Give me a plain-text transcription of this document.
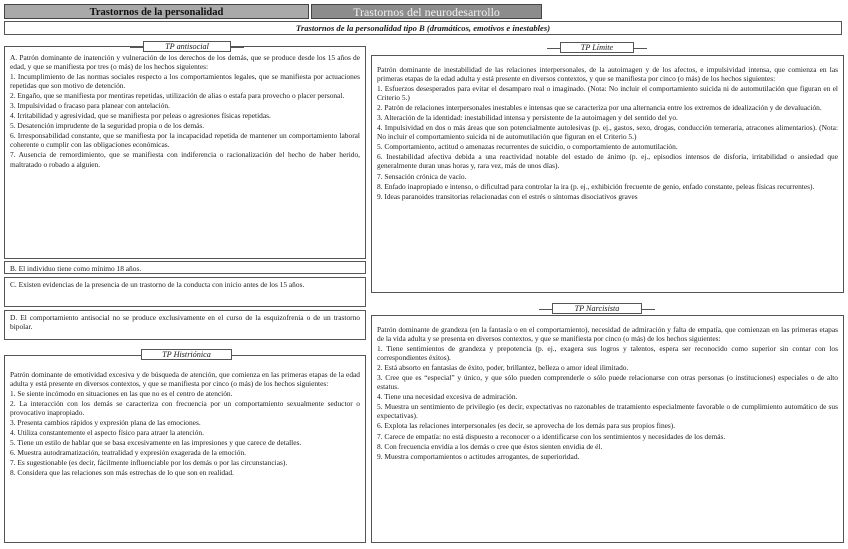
Trastornos de la personalidad	Trastornos del neurodesarrollo
Trastornos de la personalidad tipo B (dramáticos, emotivos e inestables)

A. Patrón dominante de inatención y vulneración de los derechos de los demás, que se produce desde los 15 años de edad, y que se manifiesta por tres (o más) de los hechos siguientes:

1. Incumplimiento de las normas sociales respecto a los comportamientos legales, que se manifiesta por actuaciones repetidas que son motivo de detención.
2. Engaño, que se manifiesta por mentiras repetidas, utilización de alias o estafa para provecho o placer personal.
3. Impulsividad o fracaso para planear con antelación.
4. Irritabilidad y agresividad, que se manifiesta por peleas o agresiones físicas repetidas.
5. Desatención imprudente de la seguridad propia o de los demás.
6. Irresponsabilidad constante, que se manifiesta por la incapacidad repetida de mantener un comportamiento laboral coherente o cumplir con las obligaciones económicas.
7. Ausencia de remordimiento, que se manifiesta con indiferencia o racionalización del hecho de haber herido, maltratado o robado a alguien.
TP antisocial
B. El individuo tiene como mínimo 18 años.
C. Existen evidencias de la presencia de un trastorno de la conducta con inicio antes de los 15 años.
D. El comportamiento antisocial no se produce exclusivamente en el curso de la esquizofrenia o de un trastorno bipolar.

Patrón dominante de emotividad excesiva y de búsqueda de atención, que comienza en las primeras etapas de la edad adulta y está presente en diversos contextos, y que se manifiesta por cinco (o más) de los hechos siguientes:

1. Se siente incómodo en situaciones en las que no es el centro de atención.
2. La interacción con los demás se caracteriza con frecuencia por un comportamiento sexualmente seductor o provocativo inapropiado.
3. Presenta cambios rápidos y expresión plana de las emociones.
4. Utiliza constantemente el aspecto físico para atraer la atención.
5. Tiene un estilo de hablar que se basa excesivamente en las impresiones y que carece de detalles.
6. Muestra autodramatización, teatralidad y expresión exagerada de la emoción.
7. Es sugestionable (es decir, fácilmente influenciable por los demás o por las circunstancias).
8. Considera que las relaciones son más estrechas de lo que son en realidad.
TP Histriónica

Patrón dominante de inestabilidad de las relaciones interpersonales, de la autoimagen y de los afectos, e impulsividad intensa, que comienza en las primeras etapas de la edad adulta y está presente en diversos contextos, y que se manifiesta por cinco (o más) de los hechos siguientes:

1. Esfuerzos desesperados para evitar el desamparo real o imaginado. (Nota: No incluir el comportamiento suicida ni de automutilación que figuran en el Criterio 5.)
2. Patrón de relaciones interpersonales inestables e intensas que se caracteriza por una alternancia entre los extremos de idealización y de devaluación.
3. Alteración de la identidad: inestabilidad intensa y persistente de la autoimagen y del sentido del yo.
4. Impulsividad en dos o más áreas que son potencialmente autolesivas (p. ej., gastos, sexo, drogas, conducción temeraria, atracones alimentarios). (Nota: No incluir el comportamiento suicida ni de automutilación que figuran en el Criterio 5.)
5. Comportamiento, actitud o amenazas recurrentes de suicidio, o comportamiento de automutilación.
6. Inestabilidad afectiva debida a una reactividad notable del estado de ánimo (p. ej., episodios intensos de disforia, irritabilidad o ansiedad que generalmente duran unas horas y, rara vez, más de unos días).
7. Sensación crónica de vacío.
8. Enfado inapropiado e intenso, o dificultad para controlar la ira (p. ej., exhibición frecuente de genio, enfado constante, peleas físicas recurrentes).
9. Ideas paranoides transitorias relacionadas con el estrés o síntomas disociativos graves
TP Límite

Patrón dominante de grandeza (en la fantasía o en el comportamiento), necesidad de admiración y falta de empatía, que comienzan en las primeras etapas de la vida adulta y se presenta en diversos contextos, y que se manifiesta por cinco (o más) de los hechos siguientes:

1. Tiene sentimientos de grandeza y prepotencia (p. ej., exagera sus logros y talentos, espera ser reconocido como superior sin contar con los correspondientes éxitos).
2. Está absorto en fantasías de éxito, poder, brillantez, belleza o amor ideal ilimitado.
3. Cree que es “especial” y único, y que sólo pueden comprenderle o sólo puede relacionarse con otras personas (o instituciones) especiales o de alto estatus.
4. Tiene una necesidad excesiva de admiración.
5. Muestra un sentimiento de privilegio (es decir, expectativas no razonables de tratamiento especialmente favorable o de cumplimiento automático de sus expectativas).
6. Explota las relaciones interpersonales (es decir, se aprovecha de los demás para sus propios fines).
7. Carece de empatía: no está dispuesto a reconocer o a identificarse con los sentimientos y necesidades de los demás.
8. Con frecuencia envidia a los demás o cree que éstos sienten envidia de él.
9. Muestra comportamientos o actitudes arrogantes, de superioridad.
TP Narcisista
